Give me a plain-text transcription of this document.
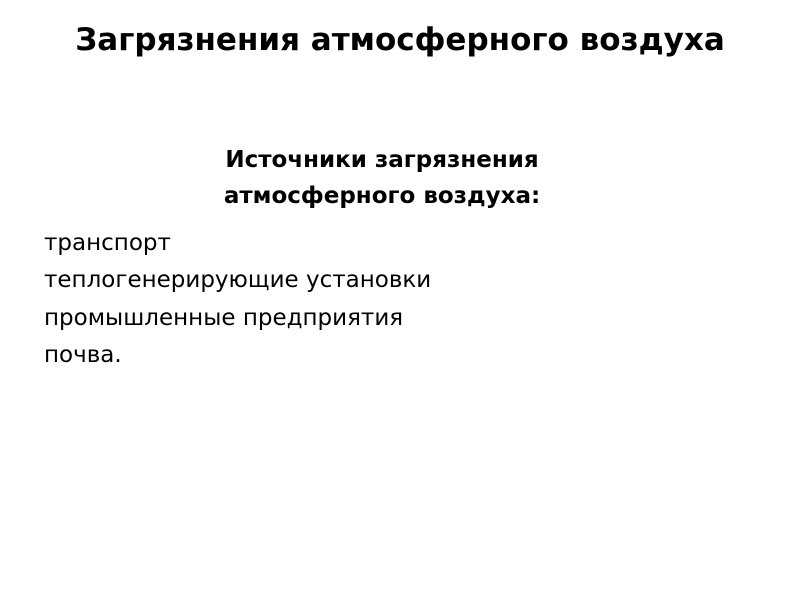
Загрязнения атмосферного воздуха
Источники загрязнения
атмосферного воздуха:
транспорт
теплогенерирующие установки
промышленные предприятия
почва.
